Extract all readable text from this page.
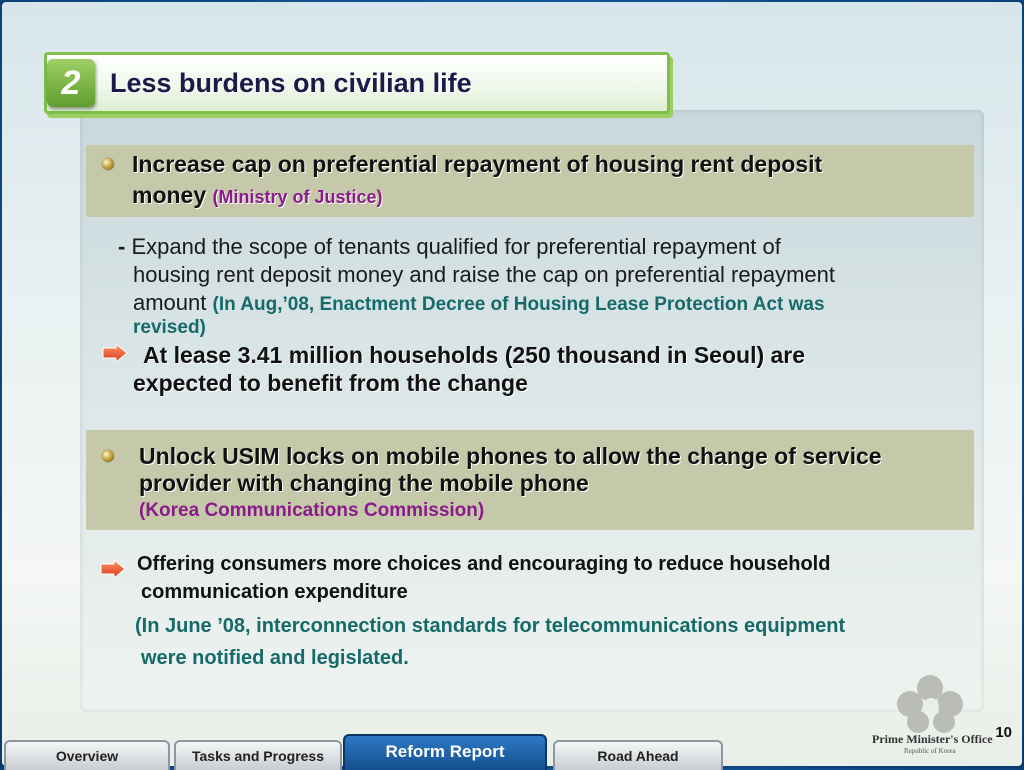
2	Less burdens on civilian life
Increase cap on preferential repayment of housing rent deposit
money (Ministry of Justice)
- Expand the scope of tenants qualified for preferential repayment of
housing rent deposit money and raise the cap on preferential repayment
amount (In Aug,’08, Enactment Decree of Housing Lease Protection Act was
revised)
At lease 3.41 million households (250 thousand in Seoul) are
expected to benefit from the change
Unlock USIM locks on mobile phones to allow the change of service
provider with changing the mobile phone
(Korea Communications Commission)
Offering consumers more choices and encouraging to reduce household
communication expenditure
(In June ’08, interconnection standards for telecommunications equipment
were notified and legislated.
Prime Minister's Office
Republic of Korea
10
Overview	Tasks and Progress	Reform Report	Road Ahead
